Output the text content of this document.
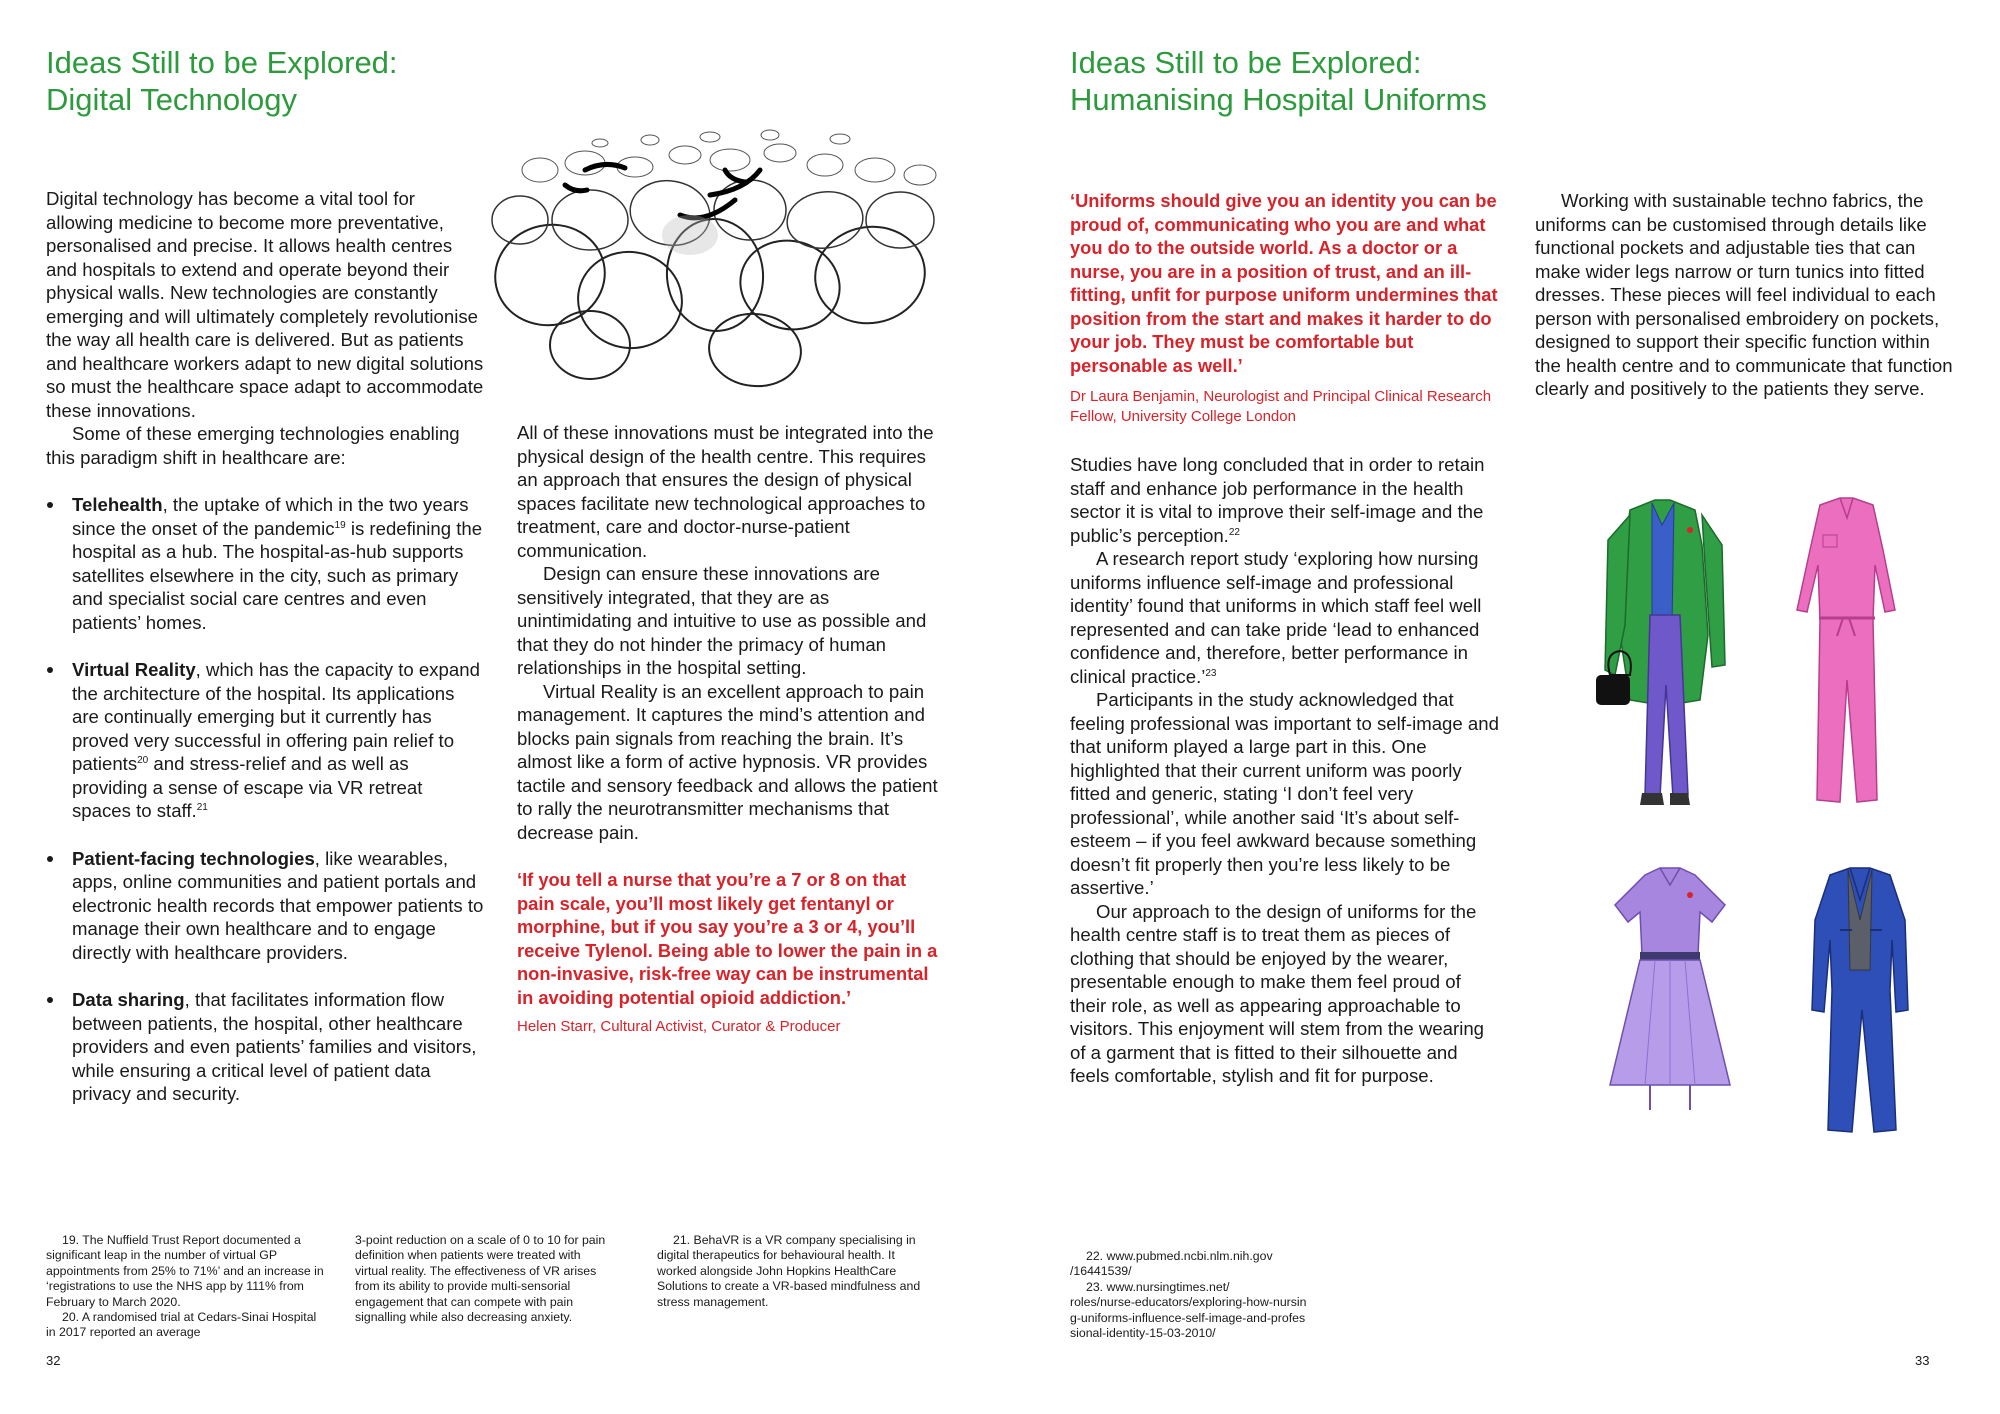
Ideas Still to be Explored:
Digital Technology

Digital technology has become a vital tool for allowing medicine to become more preventative, personalised and precise. It allows health centres and hospitals to extend and operate beyond their physical walls. New technologies are constantly emerging and will ultimately completely revolutionise the way all health care is delivered. But as patients and healthcare workers adapt to new digital solutions so must the healthcare space adapt to accommodate these innovations.

Some of these emerging technologies enabling this paradigm shift in healthcare are:

Telehealth, the uptake of which in the two years since the onset of the pandemic$^{19}$ is redefining the hospital as a hub. The hospital-as-hub supports satellites elsewhere in the city, such as primary and specialist social care centres and even patients’ homes.
Virtual Reality, which has the capacity to expand the architecture of the hospital. Its applications are continually emerging but it currently has proved very successful in offering pain relief to patients$^{20}$ and stress-relief and as well as providing a sense of escape via VR retreat spaces to staff.$^{21}$
Patient-facing technologies, like wearables, apps, online communities and patient portals and electronic health records that empower patients to manage their own healthcare and to engage directly with healthcare providers.
Data sharing, that facilitates information flow between patients, the hospital, other healthcare providers and even patients’ families and visitors, while ensuring a critical level of patient data privacy and security.

All of these innovations must be integrated into the physical design of the health centre. This requires an approach that ensures the design of physical spaces facilitate new technological approaches to treatment, care and doctor-nurse-patient communication.

Design can ensure these innovations are sensitively integrated, that they are as unintimidating and intuitive to use as possible and that they do not hinder the primacy of human relationships in the hospital setting.

Virtual Reality is an excellent approach to pain management. It captures the mind’s attention and blocks pain signals from reaching the brain. It’s almost like a form of active hypnosis. VR provides tactile and sensory feedback and allows the patient to rally the neurotransmitter mechanisms that decrease pain.

‘If you tell a nurse that you’re a 7 or 8 on that pain scale, you’ll most likely get fentanyl or morphine, but if you say you’re a 3 or 4, you’ll receive Tylenol. Being able to lower the pain in a non-invasive, risk-free way can be instrumental in avoiding potential opioid addiction.’

Helen Starr, Cultural Activist, Curator & Producer

19. The Nuffield Trust Report documented a significant leap in the number of virtual GP appointments from 25% to 71%’ and an increase in ‘registrations to use the NHS app by 111% from February to March 2020.

20. A randomised trial at Cedars-Sinai Hospital in 2017 reported an average

3-point reduction on a scale of 0 to 10 for pain definition when patients were treated with virtual reality. The effectiveness of VR arises from its ability to provide multi-sensorial engagement that can compete with pain signalling while also decreasing anxiety.

21. BehaVR is a VR company specialising in digital therapeutics for behavioural health. It worked alongside John Hopkins HealthCare Solutions to create a VR-based mindfulness and stress management.

32
Ideas Still to be Explored:
Humanising Hospital Uniforms

‘Uniforms should give you an identity you can be proud of, communicating who you are and what you do to the outside world. As a doctor or a nurse, you are in a position of trust, and an ill-fitting, unfit for purpose uniform undermines that position from the start and makes it harder to do your job. They must be comfortable but personable as well.’

Dr Laura Benjamin, Neurologist and Principal Clinical Research Fellow, University College London

Studies have long concluded that in order to retain staff and enhance job performance in the health sector it is vital to improve their self-image and the public’s perception.$^{22}$

A research report study ‘exploring how nursing uniforms influence self-image and professional identity’ found that uniforms in which staff feel well represented and can take pride ‘lead to enhanced confidence and, therefore, better performance in clinical practice.’$^{23}$

Participants in the study acknowledged that feeling professional was important to self-image and that uniform played a large part in this. One highlighted that their current uniform was poorly fitted and generic, stating ‘I don’t feel very professional’, while another said ‘It’s about self-esteem – if you feel awkward because something doesn’t fit properly then you’re less likely to be assertive.’

Our approach to the design of uniforms for the health centre staff is to treat them as pieces of clothing that should be enjoyed by the wearer, presentable enough to make them feel proud of their role, as well as appearing approachable to visitors. This enjoyment will stem from the wearing of a garment that is fitted to their silhouette and feels comfortable, stylish and fit for purpose.

Working with sustainable techno fabrics, the uniforms can be customised through details like functional pockets and adjustable ties that can make wider legs narrow or turn tunics into fitted dresses. These pieces will feel individual to each person with personalised embroidery on pockets, designed to support their specific function within the health centre and to communicate that function clearly and positively to the patients they serve.

22. www.pubmed.ncbi.nlm.nih.gov

/16441539/

23. www.nursingtimes.net/

roles/nurse-educators/exploring-how-nursing-uniforms-influence-self-image-and-professional-identity-15-03-2010/

33
